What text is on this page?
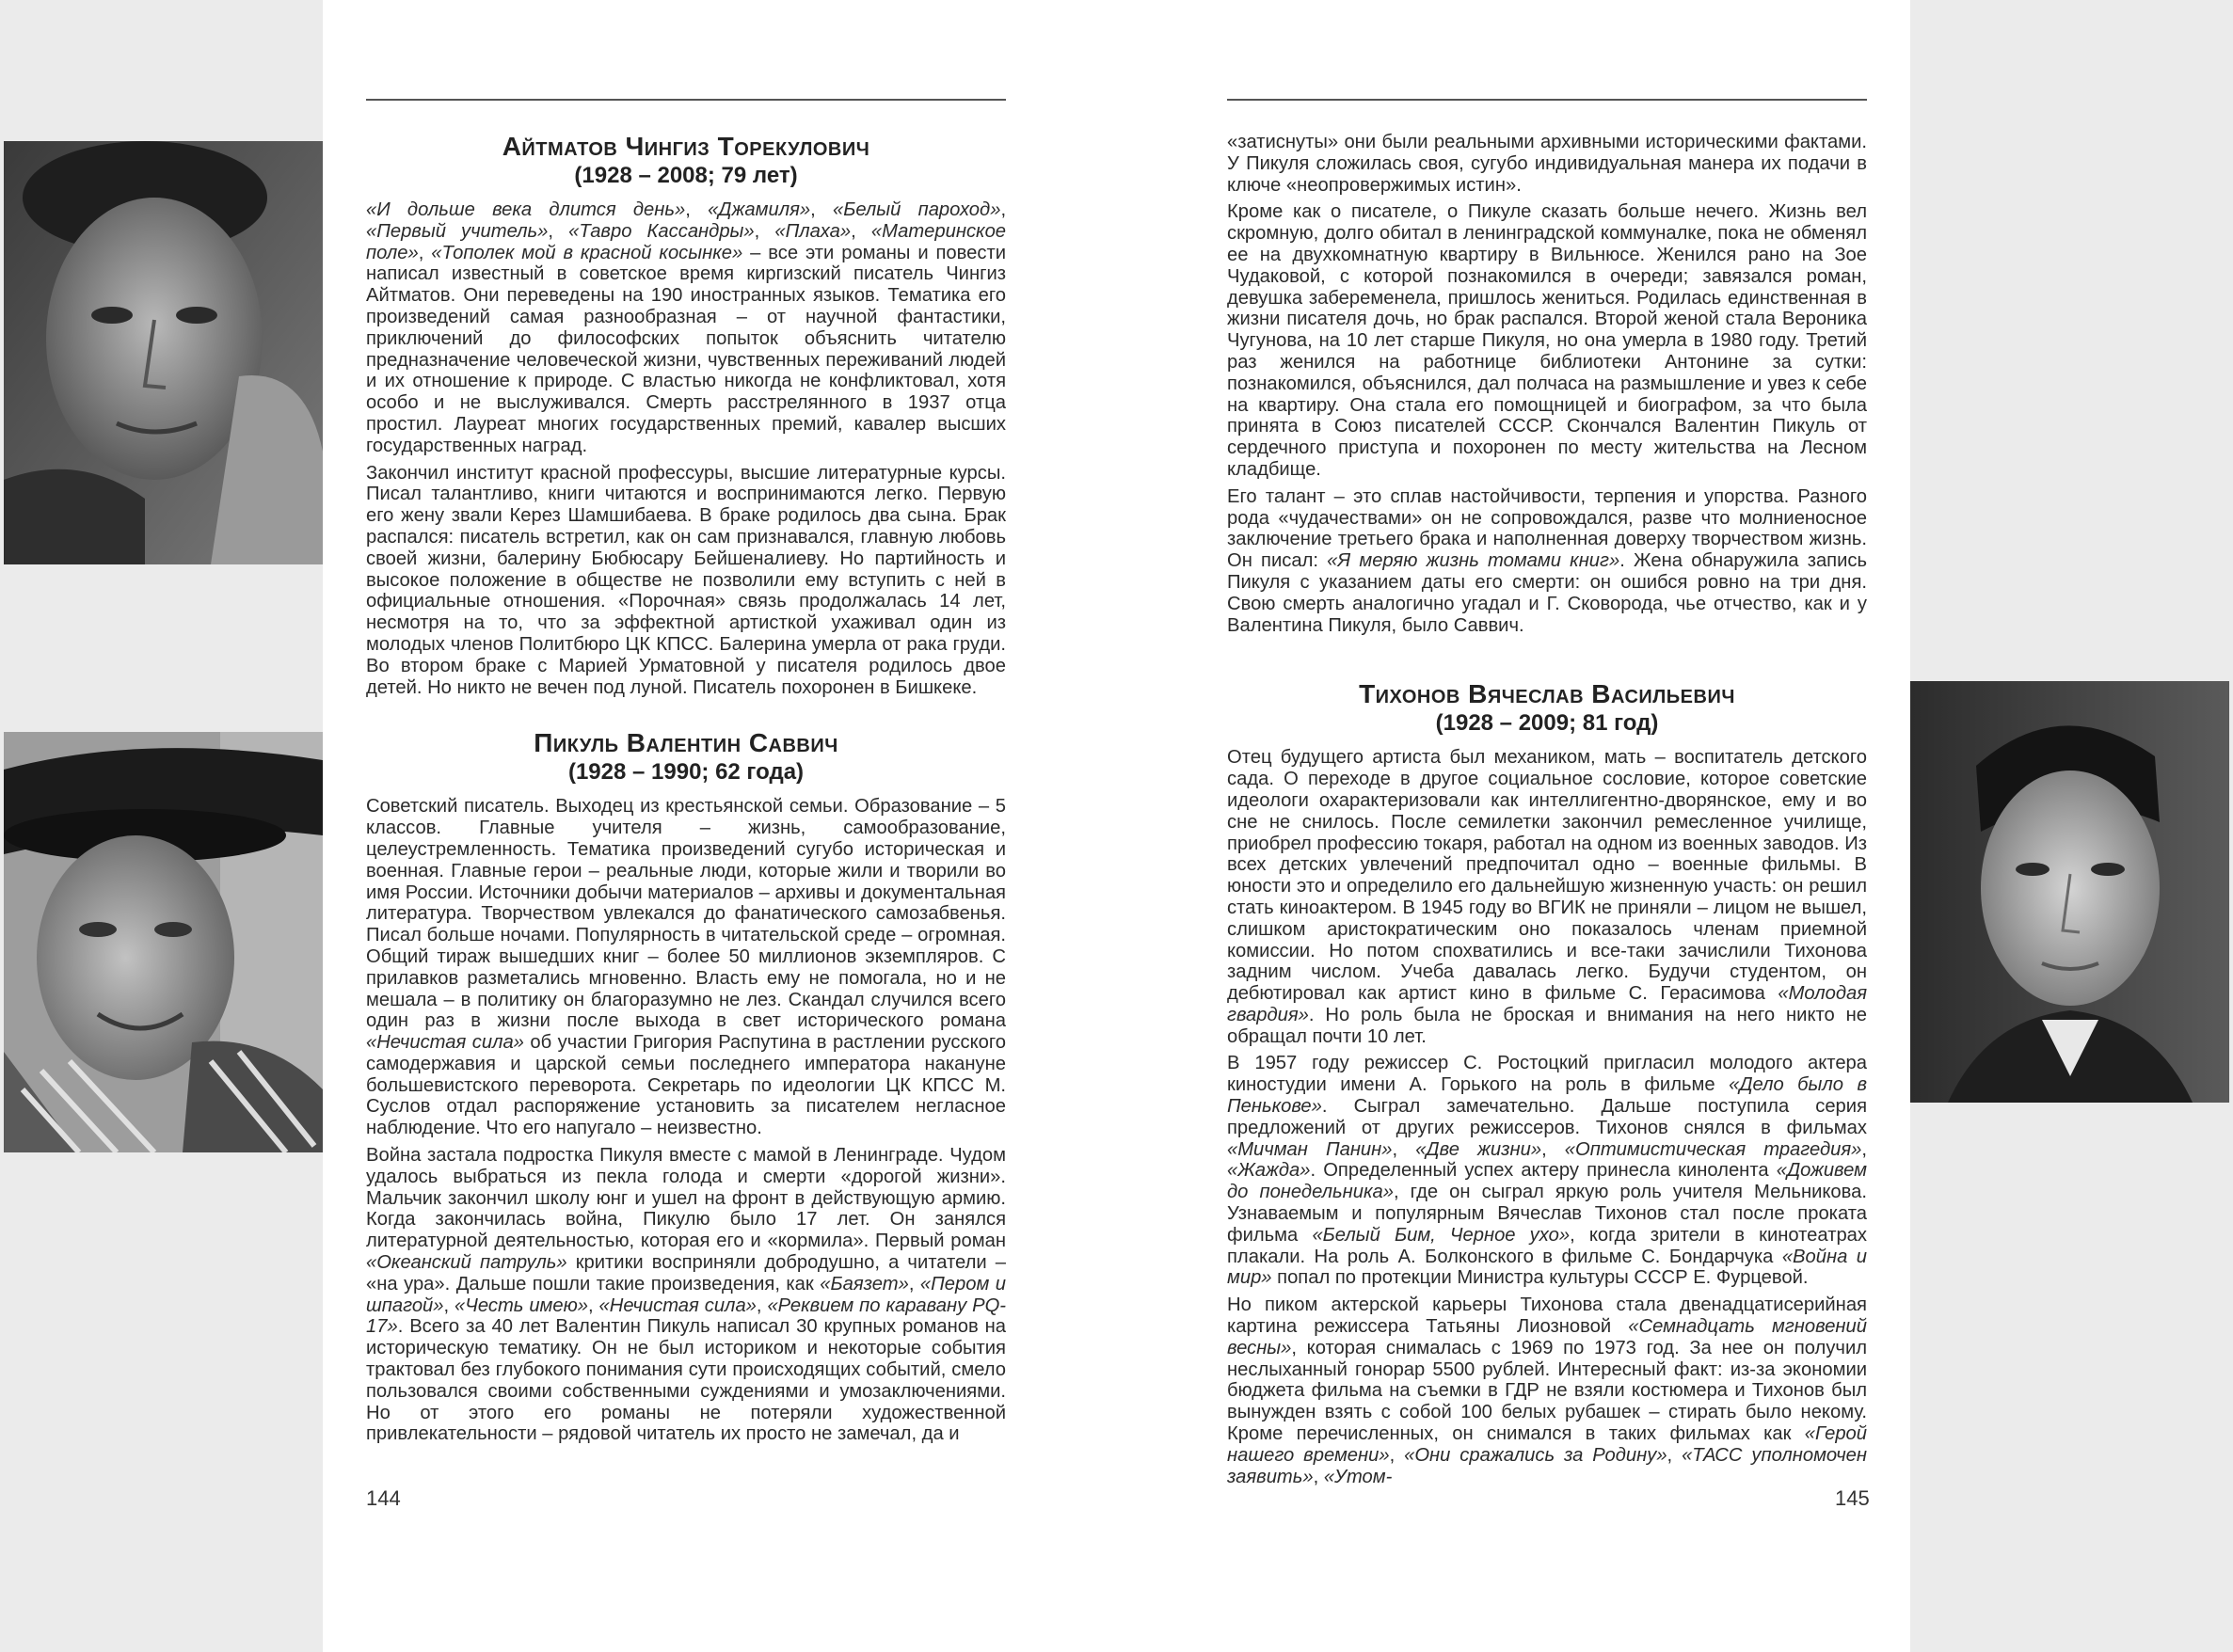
Айтматов Чингиз Торекулович
(1928 – 2008; 79 лет)

«И дольше века длится день», «Джамиля», «Белый пароход», «Первый учитель», «Тавро Кассандры», «Плаха», «Материнское поле», «Тополек мой в красной косынке» – все эти романы и повести написал известный в советское время киргизский писатель Чингиз Айтматов. Они переведены на 190 иностранных языков. Тематика его произведений самая разнообразная – от научной фантастики, приключений до философских попыток объяснить читателю предназначение человеческой жизни, чувственных переживаний людей и их отношение к природе. С властью никогда не конфликтовал, хотя особо и не выслуживался. Смерть расстрелянного в 1937 отца простил. Лауреат многих государственных премий, кавалер высших государственных наград.

Закончил институт красной профессуры, высшие литературные курсы. Писал талантливо, книги читаются и воспринимаются легко. Первую его жену звали Керез Шамшибаева. В браке родилось два сына. Брак распался: писатель встретил, как он сам признавался, главную любовь своей жизни, балерину Бюбюсару Бейшеналиеву. Но партийность и высокое положение в обществе не позволили ему вступить с ней в официальные отношения. «Порочная» связь продолжалась 14 лет, несмотря на то, что за эффектной артисткой ухаживал один из молодых членов Политбюро ЦК КПСС. Балерина умерла от рака груди. Во втором браке с Марией Урматовной у писателя родилось двое детей. Но никто не вечен под луной. Писатель похоронен в Бишкеке.

Пикуль Валентин Саввич
(1928 – 1990; 62 года)

Советский писатель. Выходец из крестьянской семьи. Образование – 5 классов. Главные учителя – жизнь, самообразование, целеустремленность. Тематика произведений сугубо историческая и военная. Главные герои – реальные люди, которые жили и творили во имя России. Источники добычи материалов – архивы и документальная литература. Творчеством увлекался до фанатического самозабвенья. Писал больше ночами. Популярность в читательской среде – огромная. Общий тираж вышедших книг – более 50 миллионов экземпляров. С прилавков разметались мгновенно. Власть ему не помогала, но и не мешала – в политику он благоразумно не лез. Скандал случился всего один раз в жизни после выхода в свет исторического романа «Нечистая сила» об участии Григория Распутина в растлении русского самодержавия и царской семьи последнего императора накануне большевистского переворота. Секретарь по идеологии ЦК КПСС М. Суслов отдал распоряжение установить за писателем негласное наблюдение. Что его напугало – неизвестно.

Война застала подростка Пикуля вместе с мамой в Ленинграде. Чудом удалось выбраться из пекла голода и смерти «дорогой жизни». Мальчик закончил школу юнг и ушел на фронт в действующую армию. Когда закончилась война, Пикулю было 17 лет. Он занялся литературной деятельностью, которая его и «кормила». Первый роман «Океанский патруль» критики восприняли добродушно, а читатели – «на ура». Дальше пошли такие произведения, как «Баязет», «Пером и шпагой», «Честь имею», «Нечистая сила», «Реквием по каравану PQ-17». Всего за 40 лет Валентин Пикуль написал 30 крупных романов на историческую тематику. Он не был историком и некоторые события трактовал без глубокого понимания сути происходящих событий, смело пользовался своими собственными суждениями и умозаключениями. Но от этого его романы не потеряли художественной привлекательности – рядовой читатель их просто не замечал, да и

«затиснуты» они были реальными архивными историческими фактами. У Пикуля сложилась своя, сугубо индивидуальная манера их подачи в ключе «неопровержимых истин».

Кроме как о писателе, о Пикуле сказать больше нечего. Жизнь вел скромную, долго обитал в ленинградской коммуналке, пока не обменял ее на двухкомнатную квартиру в Вильнюсе. Женился рано на Зое Чудаковой, с которой познакомился в очереди; завязался роман, девушка забеременела, пришлось жениться. Родилась единственная в жизни писателя дочь, но брак распался. Второй женой стала Вероника Чугунова, на 10 лет старше Пикуля, но она умерла в 1980 году. Третий раз женился на работнице библиотеки Антонине за сутки: познакомился, объяснился, дал полчаса на размышление и увез к себе на квартиру. Она стала его помощницей и биографом, за что была принята в Союз писателей СССР. Скончался Валентин Пикуль от сердечного приступа и похоронен по месту жительства на Лесном кладбище.

Его талант – это сплав настойчивости, терпения и упорства. Разного рода «чудачествами» он не сопровождался, разве что молниеносное заключение третьего брака и наполненная доверху творчеством жизнь. Он писал: «Я меряю жизнь томами книг». Жена обнаружила запись Пикуля с указанием даты его смерти: он ошибся ровно на три дня. Свою смерть аналогично угадал и Г. Сковорода, чье отчество, как и у Валентина Пикуля, было Саввич.

Тихонов Вячеслав Васильевич
(1928 – 2009; 81 год)

Отец будущего артиста был механиком, мать – воспитатель детского сада. О переходе в другое социальное сословие, которое советские идеологи охарактеризовали как интеллигентно-дворянское, ему и во сне не снилось. После семилетки закончил ремесленное училище, приобрел профессию токаря, работал на одном из военных заводов. Из всех детских увлечений предпочитал одно – военные фильмы. В юности это и определило его дальнейшую жизненную участь: он решил стать киноактером. В 1945 году во ВГИК не приняли – лицом не вышел, слишком аристократическим оно показалось членам приемной комиссии. Но потом спохватились и все-таки зачислили Тихонова задним числом. Учеба давалась легко. Будучи студентом, он дебютировал как артист кино в фильме С. Герасимова «Молодая гвардия». Но роль была не броская и внимания на него никто не обращал почти 10 лет.

В 1957 году режиссер С. Ростоцкий пригласил молодого актера киностудии имени А. Горького на роль в фильме «Дело было в Пенькове». Сыграл замечательно. Дальше поступила серия предложений от других режиссеров. Тихонов снялся в фильмах «Мичман Панин», «Две жизни», «Оптимистическая трагедия», «Жажда». Определенный успех актеру принесла кинолента «Доживем до понедельника», где он сыграл яркую роль учителя Мельникова. Узнаваемым и популярным Вячеслав Тихонов стал после проката фильма «Белый Бим, Черное ухо», когда зрители в кинотеатрах плакали. На роль А. Болконского в фильме С. Бондарчука «Война и мир» попал по протекции Министра культуры СССР Е. Фурцевой.

Но пиком актерской карьеры Тихонова стала двенадцатисерийная картина режиссера Татьяны Лиозновой «Семнадцать мгновений весны», которая снималась с 1969 по 1973 год. За нее он получил неслыханный гонорар 5500 рублей. Интересный факт: из-за экономии бюджета фильма на съемки в ГДР не взяли костюмера и Тихонов был вынужден взять с собой 100 белых рубашек – стирать было некому. Кроме перечисленных, он снимался в таких фильмах как «Герой нашего времени», «Они сражались за Родину», «ТАСС уполномочен заявить», «Утом-

144	145
